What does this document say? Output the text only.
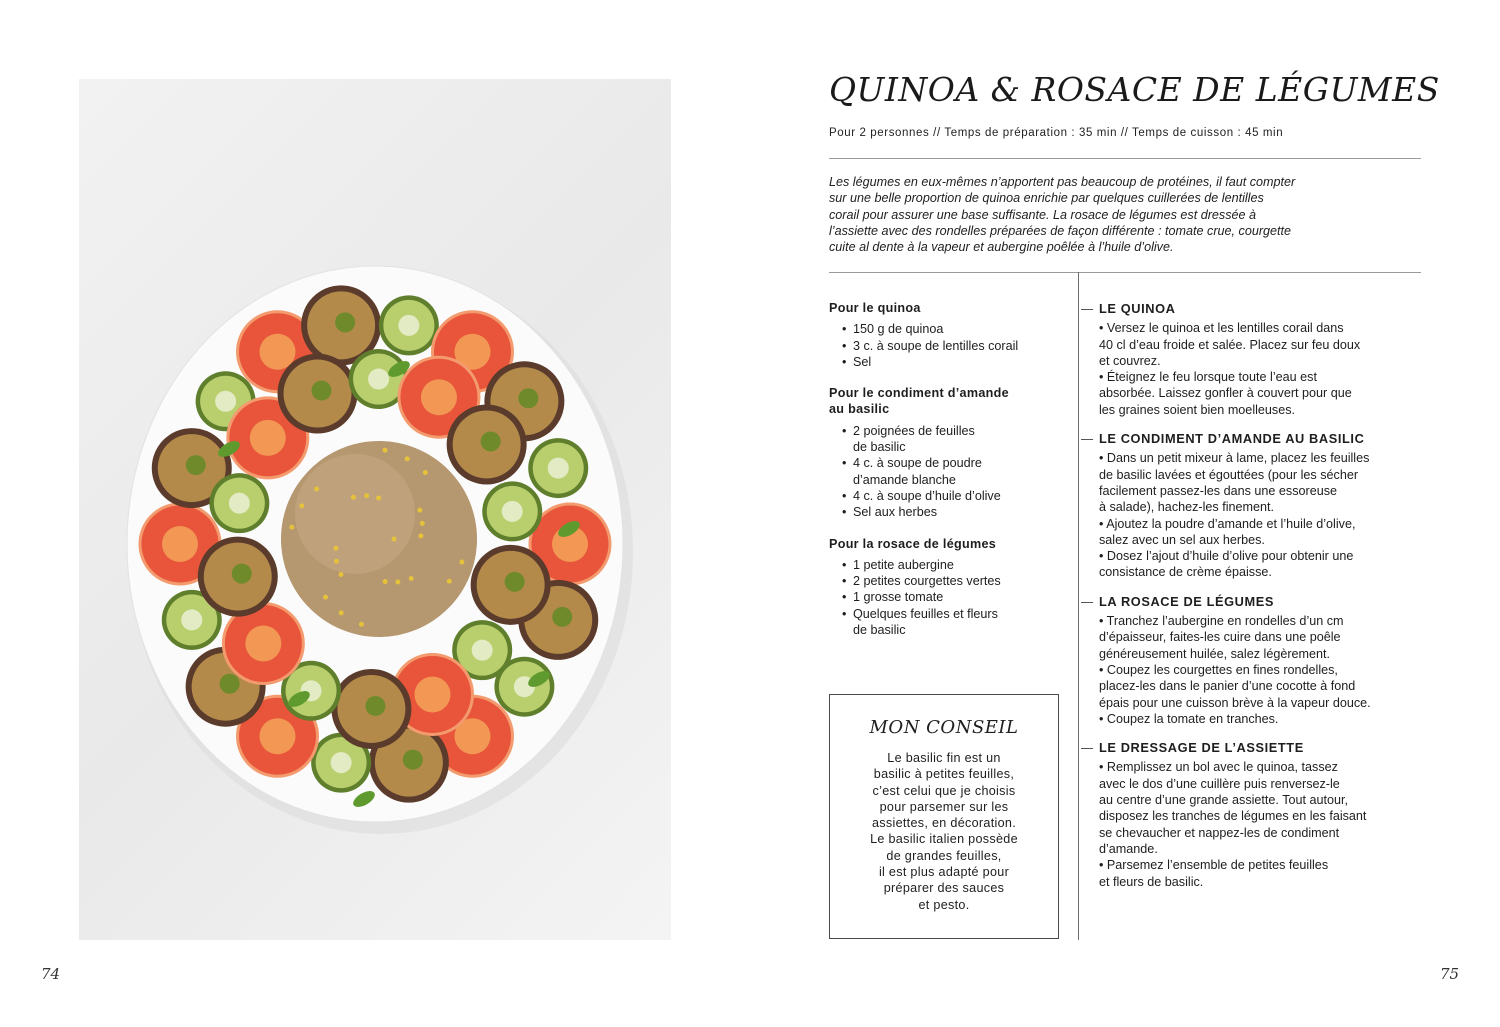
74	75
QUINOA & ROSACE DE LÉGUMES
Pour 2 personnes // Temps de préparation : 35 min // Temps de cuisson : 45 min
Les légumes en eux-mêmes n’apportent pas beaucoup de protéines, il faut compter
sur une belle proportion de quinoa enrichie par quelques cuillerées de lentilles
corail pour assurer une base suffisante. La rosace de légumes est dressée à
l’assiette avec des rondelles préparées de façon différente : tomate crue, courgette
cuite al dente à la vapeur et aubergine poêlée à l’huile d’olive.
Pour le quinoa
• 150 g de quinoa
• 3 c. à soupe de lentilles corail
• Sel
Pour le condiment d’amande
au basilic
• 2 poignées de feuilles
de basilic
• 4 c. à soupe de poudre
d’amande blanche
• 4 c. à soupe d’huile d’olive
• Sel aux herbes
Pour la rosace de légumes
• 1 petite aubergine
• 2 petites courgettes vertes
• 1 grosse tomate
• Quelques feuilles et fleurs
de basilic
MON CONSEIL
Le basilic fin est un
basilic à petites feuilles,
c’est celui que je choisis
pour parsemer sur les
assiettes, en décoration.
Le basilic italien possède
de grandes feuilles,
il est plus adapté pour
préparer des sauces
et pesto.
LE QUINOA
• Versez le quinoa et les lentilles corail dans
40 cl d’eau froide et salée. Placez sur feu doux
et couvrez.
• Éteignez le feu lorsque toute l’eau est
absorbée. Laissez gonfler à couvert pour que
les graines soient bien moelleuses.
LE CONDIMENT D’AMANDE AU BASILIC
• Dans un petit mixeur à lame, placez les feuilles
de basilic lavées et égouttées (pour les sécher
facilement passez-les dans une essoreuse
à salade), hachez-les finement.
• Ajoutez la poudre d’amande et l’huile d’olive,
salez avec un sel aux herbes.
• Dosez l’ajout d’huile d’olive pour obtenir une
consistance de crème épaisse.
LA ROSACE DE LÉGUMES
• Tranchez l’aubergine en rondelles d’un cm
d’épaisseur, faites-les cuire dans une poêle
généreusement huilée, salez légèrement.
• Coupez les courgettes en fines rondelles,
placez-les dans le panier d’une cocotte à fond
épais pour une cuisson brève à la vapeur douce.
• Coupez la tomate en tranches.
LE DRESSAGE DE L’ASSIETTE
• Remplissez un bol avec le quinoa, tassez
avec le dos d’une cuillère puis renversez-le
au centre d’une grande assiette. Tout autour,
disposez les tranches de légumes en les faisant
se chevaucher et nappez-les de condiment
d’amande.
• Parsemez l’ensemble de petites feuilles
et fleurs de basilic.
